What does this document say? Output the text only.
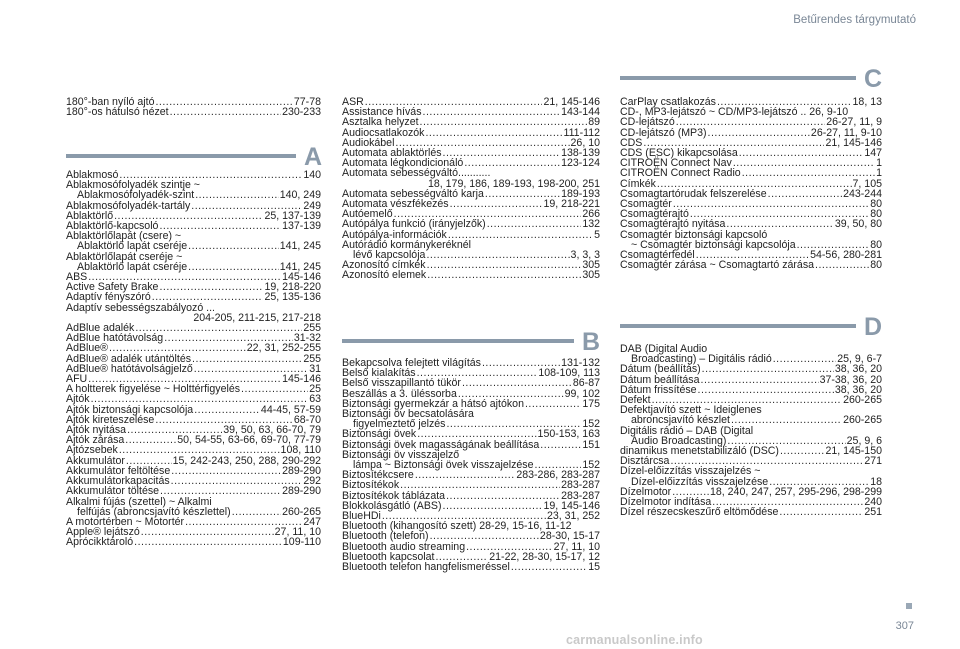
Betűrendes tárgymutató
180°-ban nyíló ajtó .....	77-78
180°-os hátulsó nézet .....	230-233
A
Ablakmosó .....	140
Ablakmosófolyadék szintje ~
Ablakmosófolyadék-szint .....	140, 249
Ablakmosófolyadék-tartály .....	249
Ablaktörlő .....	25, 137-139
Ablaktörlő-kapcsoló .....	137-139
Ablaktörlőlapát (csere) ~
Ablaktörlő lapát cseréje .....	141, 245
Ablaktörlőlapát cseréje ~
Ablaktörlő lapát cseréje .....	141, 245
ABS .....	145-146
Active Safety Brake .....	19, 218-220
Adaptív fényszóró .....	25, 135-136
Adaptív sebességszabályozó ...
204-205, 211-215, 217-218
AdBlue adalék .....	255
AdBlue hatótávolság .....	31-32
AdBlue® .....	22, 31, 252-255
AdBlue® adalék utántöltés .....	255
AdBlue® hatótávolságjelző .....	31
AFU .....	145-146
A holtterek figyelése ~ Holttérfigyelés .....	25
Ajtók .....	63
Ajtók biztonsági kapcsolója .....	44-45, 57-59
Ajtók kireteszelése .....	68-70
Ajtók nyitása .....	39, 50, 63, 66-70, 79
Ajtók zárása .....	50, 54-55, 63-66, 69-70, 77-79
Ajtózsebek .....	108, 110
Akkumulátor .....	15, 242-243, 250, 288, 290-292
Akkumulátor feltöltése .....	289-290
Akkumulátorkapacitás .....	292
Akkumulátor töltése .....	289-290
Alkalmi fújás (szettel) ~ Alkalmi
felfújás (abroncsjavító készlettel) .....	260-265
A motortérben ~ Motortér .....	247
Apple® lejátszó .....	27, 11, 10
Aprócikktároló .....	109-110
ASR .....	21, 145-146
Assistance hívás .....	143-144
Asztalka helyzet .....	89
Audiocsatlakozók .....	111-112
Audiokábel .....	26, 10
Automata ablaktörlés .....	138-139
Automata légkondicionáló .....	123-124
Automata sebességváltó...........
18, 179, 186, 189-193, 198-200, 251
Automata sebességváltó karja .....	189-193
Automata vészfékezés .....	19, 218-221
Autóemelő .....	266
Autópálya funkció (irányjelzők) .....	132
Autópálya-információk .....	5
Autórádió kormánykeréknél
lévő kapcsolója .....	3, 3, 3
Azonosító címkék .....	305
Azonosító elemek .....	305
B
Bekapcsolva felejtett világítás .....	131-132
Belső kialakítás .....	108-109, 113
Belső visszapillantó tükör .....	86-87
Beszállás a 3. üléssorba .....	99, 102
Biztonsági gyermekzár a hátsó ajtókon .....	175
Biztonsági öv becsatolására
figyelmeztető jelzés .....	152
Biztonsági övek .....	150-153, 163
Biztonsági övek magasságának beállítása .....	151
Biztonsági öv visszajelző
lámpa ~ Biztonsági övek visszajelzése .....	152
Biztosítékcsere .....	283-286, 283-287
Biztosítékok .....	283-287
Biztosítékok táblázata .....	283-287
Blokkolásgátló (ABS) .....	19, 145-146
BlueHDi .....	23, 31, 252
Bluetooth (kihangosító szett) 28-29, 15-16, 11-12
Bluetooth (telefon) .....	28-30, 15-17
Bluetooth audio streaming .....	27, 11, 10
Bluetooth kapcsolat .....	21-22, 28-30, 15-17, 12
Bluetooth telefon hangfelismeréssel .....	15
C
CarPlay csatlakozás .....	18, 13
CD-, MP3-lejátszó ~ CD/MP3-lejátszó .. 26, 9-10
CD-lejátszó .....	26-27, 11, 9
CD-lejátszó (MP3) .....	26-27, 11, 9-10
CDS .....	21, 145-146
CDS (ESC) kikapcsolása .....	147
CITROËN Connect Nav .....	1
CITROËN Connect Radio .....	1
Címkék .....	7, 105
Csomagtartórudak felszerelése .....	243-244
Csomagtér .....	80
Csomagtérajtó .....	80
Csomagtérajtó nyitása .....	39, 50, 80
Csomagtér biztonsági kapcsoló
~ Csomagtér biztonsági kapcsolója .....	80
Csomagtérfedél .....	54-56, 280-281
Csomagtér zárása ~ Csomagtartó zárása .....	80
D
DAB (Digital Audio
Broadcasting) – Digitális rádió .....	25, 9, 6-7
Dátum (beállítás) .....	38, 36, 20
Dátum beállítása .....	37-38, 36, 20
Dátum frissítése .....	38, 36, 20
Defekt .....	260-265
Defektjavító szett ~ Ideiglenes
abroncsjavító készlet .....	260-265
Digitális rádió – DAB (Digital
Audio Broadcasting) .....	25, 9, 6
dinamikus menetstabilizáló (DSC) .....	21, 145-150
Disztárcsa .....	271
Dízel-előizzítás visszajelzés ~
Dízel-előizzítás visszajelzése .....	18
Dízelmotor .....	18, 240, 247, 257, 295-296, 298-299
Dízelmotor indítása .....	240
Dízel részecskeszűrő eltömődése .....	251
307
carmanualsonline.info
